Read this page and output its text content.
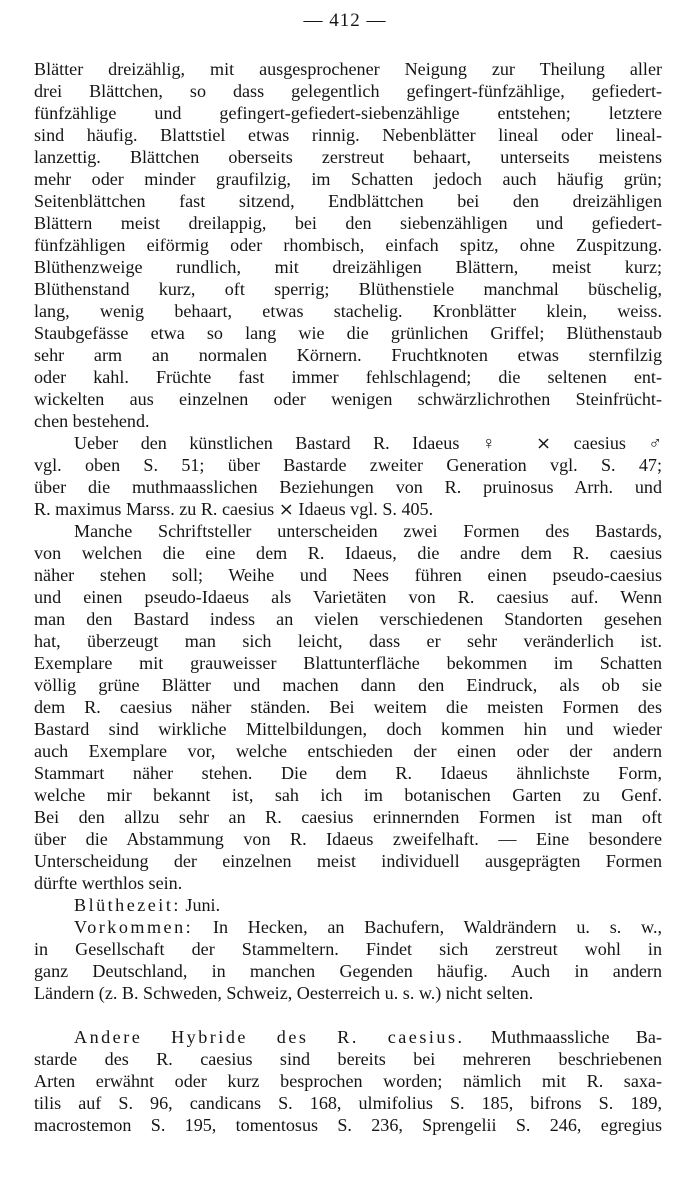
— 412 —
Blätter dreizählig, mit ausgesprochener Neigung zur Theilung aller
drei Blättchen, so dass gelegentlich gefingert-fünfzählige, gefiedert-
fünfzählige und gefingert-gefiedert-siebenzählige entstehen; letztere
sind häufig. Blattstiel etwas rinnig. Nebenblätter lineal oder lineal-
lanzettig. Blättchen oberseits zerstreut behaart, unterseits meistens
mehr oder minder graufilzig, im Schatten jedoch auch häufig grün;
Seitenblättchen fast sitzend, Endblättchen bei den dreizähligen
Blättern meist dreilappig, bei den siebenzähligen und gefiedert-
fünfzähligen eiförmig oder rhombisch, einfach spitz, ohne Zuspitzung.
Blüthenzweige rundlich, mit dreizähligen Blättern, meist kurz;
Blüthenstand kurz, oft sperrig; Blüthenstiele manchmal büschelig,
lang, wenig behaart, etwas stachelig. Kronblätter klein, weiss.
Staubgefässe etwa so lang wie die grünlichen Griffel; Blüthenstaub
sehr arm an normalen Körnern. Fruchtknoten etwas sternfilzig
oder kahl. Früchte fast immer fehlschlagend; die seltenen ent-
wickelten aus einzelnen oder wenigen schwärzlichrothen Steinfrücht-
chen bestehend.
Ueber den künstlichen Bastard R. Idaeus ♀ ⨯ caesius ♂
vgl. oben S. 51; über Bastarde zweiter Generation vgl. S. 47;
über die muthmaasslichen Beziehungen von R. pruinosus Arrh. und
R. maximus Marss. zu R. caesius ⨯ Idaeus vgl. S. 405.
Manche Schriftsteller unterscheiden zwei Formen des Bastards,
von welchen die eine dem R. Idaeus, die andre dem R. caesius
näher stehen soll; Weihe und Nees führen einen pseudo-caesius
und einen pseudo-Idaeus als Varietäten von R. caesius auf. Wenn
man den Bastard indess an vielen verschiedenen Standorten gesehen
hat, überzeugt man sich leicht, dass er sehr veränderlich ist.
Exemplare mit grauweisser Blattunterfläche bekommen im Schatten
völlig grüne Blätter und machen dann den Eindruck, als ob sie
dem R. caesius näher ständen. Bei weitem die meisten Formen des
Bastard sind wirkliche Mittelbildungen, doch kommen hin und wieder
auch Exemplare vor, welche entschieden der einen oder der andern
Stammart näher stehen. Die dem R. Idaeus ähnlichste Form,
welche mir bekannt ist, sah ich im botanischen Garten zu Genf.
Bei den allzu sehr an R. caesius erinnernden Formen ist man oft
über die Abstammung von R. Idaeus zweifelhaft. — Eine besondere
Unterscheidung der einzelnen meist individuell ausgeprägten Formen
dürfte werthlos sein.
Blüthezeit: Juni.
Vorkommen: In Hecken, an Bachufern, Waldrändern u. s. w.,
in Gesellschaft der Stammeltern. Findet sich zerstreut wohl in
ganz Deutschland, in manchen Gegenden häufig. Auch in andern
Ländern (z. B. Schweden, Schweiz, Oesterreich u. s. w.) nicht selten.
Andere Hybride des R. caesius. Muthmaassliche Ba-
starde des R. caesius sind bereits bei mehreren beschriebenen
Arten erwähnt oder kurz besprochen worden; nämlich mit R. saxa-
tilis auf S. 96, candicans S. 168, ulmifolius S. 185, bifrons S. 189,
macrostemon S. 195, tomentosus S. 236, Sprengelii S. 246, egregius
